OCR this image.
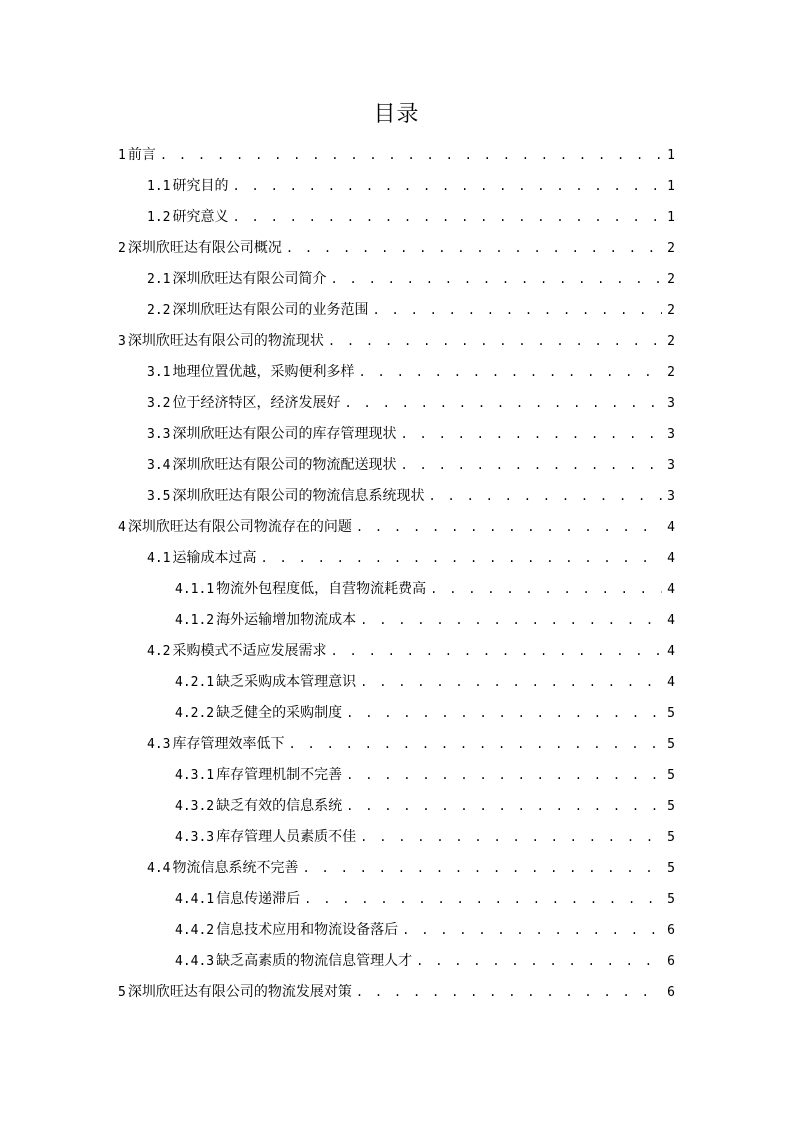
目录
1 前言 . . .	1
1.1 研究目的 . . .	1
1.2 研究意义 . . .	1
2 深圳欣旺达有限公司概况 . . .	2
2.1 深圳欣旺达有限公司简介 . . .	2
2.2 深圳欣旺达有限公司的业务范围 . . .	2
3 深圳欣旺达有限公司的物流现状 . . .	2
3.1 地理位置优越，采购便利多样 . . .	2
3.2 位于经济特区，经济发展好 . . .	3
3.3 深圳欣旺达有限公司的库存管理现状 . . .	3
3.4 深圳欣旺达有限公司的物流配送现状 . . .	3
3.5 深圳欣旺达有限公司的物流信息系统现状 . . .	3
4 深圳欣旺达有限公司物流存在的问题 . . .	4
4.1 运输成本过高 . . .	4
4.1.1 物流外包程度低，自营物流耗费高 . . .	4
4.1.2 海外运输增加物流成本 . . .	4
4.2 采购模式不适应发展需求 . . .	4
4.2.1 缺乏采购成本管理意识 . . .	4
4.2.2 缺乏健全的采购制度 . . .	5
4.3 库存管理效率低下 . . .	5
4.3.1 库存管理机制不完善 . . .	5
4.3.2 缺乏有效的信息系统 . . .	5
4.3.3 库存管理人员素质不佳 . . .	5
4.4 物流信息系统不完善 . . .	5
4.4.1 信息传递滞后 . . .	5
4.4.2 信息技术应用和物流设备落后 . . .	6
4.4.3 缺乏高素质的物流信息管理人才 . . .	6
5 深圳欣旺达有限公司的物流发展对策 . . .	6
